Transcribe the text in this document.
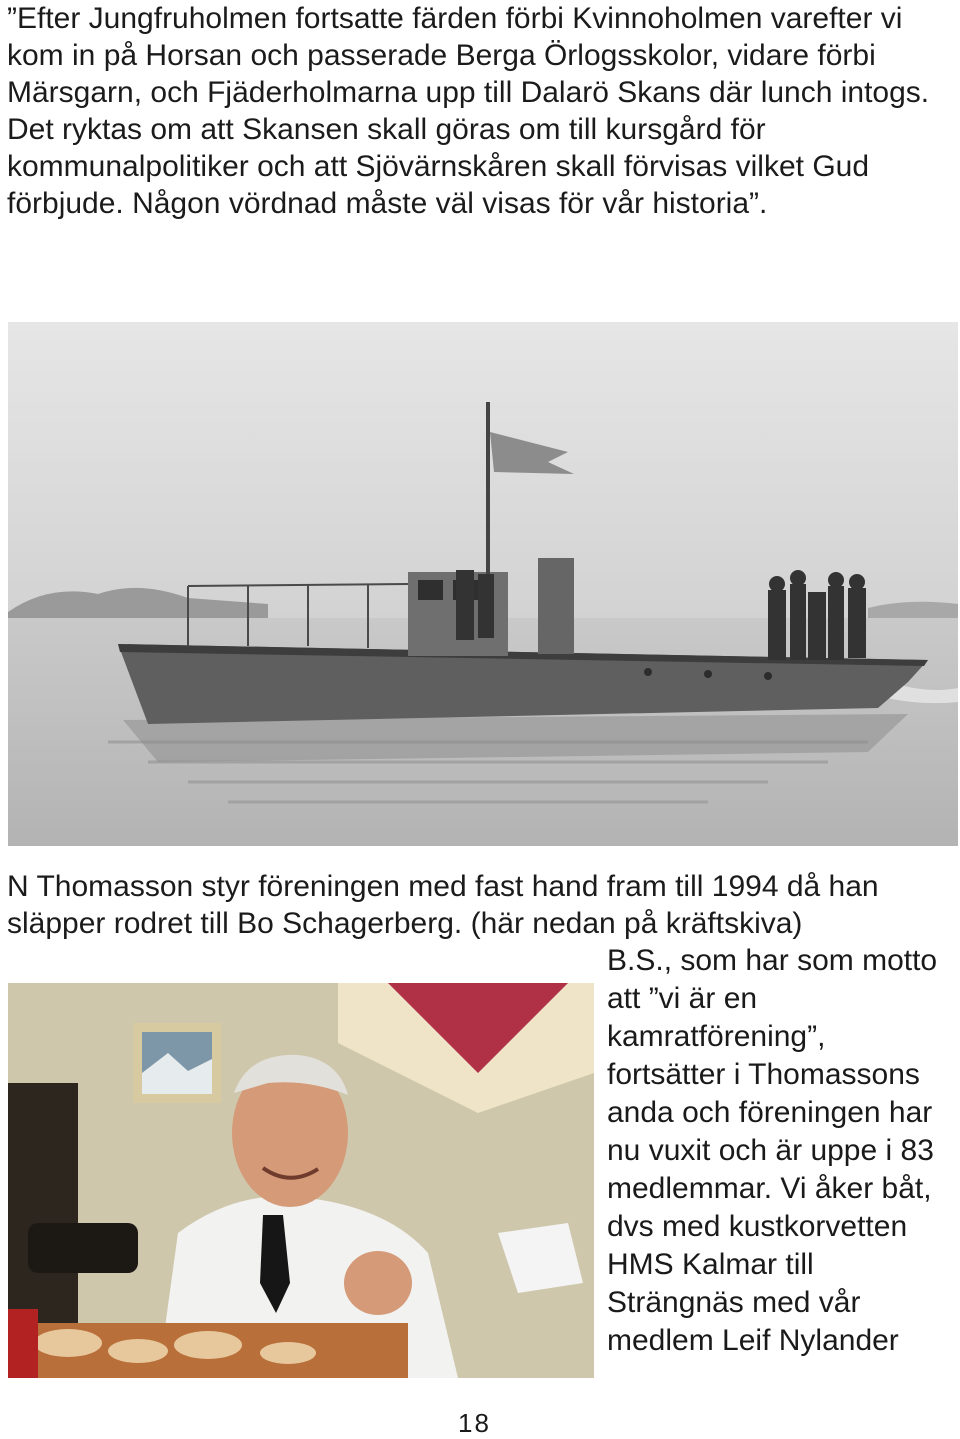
”Efter Jungfruholmen fortsatte färden förbi Kvinnoholmen varefter vi kom in på Horsan och passerade Berga Örlogsskolor, vidare förbi Märsgarn, och Fjäderholmarna upp till Dalarö Skans där lunch intogs. Det ryktas om att Skansen skall göras om till kursgård för kommunalpolitiker och att Sjövärnskåren skall förvisas vilket Gud förbjude. Någon vördnad måste väl visas för vår historia”.

N Thomasson styr föreningen med fast hand fram till 1994 då han släpper rodret till Bo Schagerberg. (här nedan på kräftskiva)

B.S., som har som motto
att ”vi är en
kamratförening”,
fortsätter i Thomassons
anda och föreningen har
nu vuxit och är uppe i 83
medlemmar. Vi åker båt,
dvs med kustkorvetten
HMS Kalmar till
Strängnäs med vår
medlem Leif Nylander
18
